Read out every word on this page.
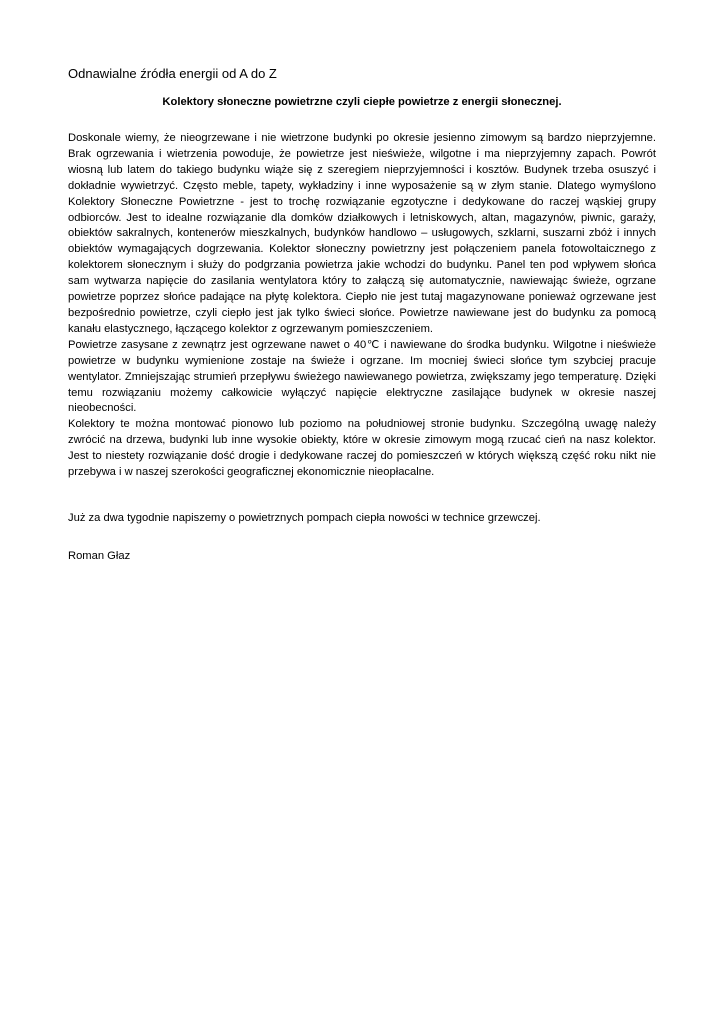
Odnawialne źródła energii od A do Z
Kolektory słoneczne powietrzne czyli ciepłe powietrze z energii słonecznej.

Doskonale wiemy, że nieogrzewane i nie wietrzone budynki po okresie jesienno zimowym są bardzo nieprzyjemne. Brak ogrzewania i wietrzenia powoduje, że powietrze jest nieświeże, wilgotne i ma nieprzyjemny zapach. Powrót wiosną lub latem do takiego budynku wiąże się z szeregiem nieprzyjemności i kosztów. Budynek trzeba osuszyć i dokładnie wywietrzyć. Często meble, tapety, wykładziny i inne wyposażenie są w złym stanie. Dlatego wymyślono Kolektory Słoneczne Powietrzne - jest to trochę rozwiązanie egzotyczne i dedykowane do raczej wąskiej grupy odbiorców. Jest to idealne rozwiązanie dla domków działkowych i letniskowych, altan, magazynów, piwnic, garaży, obiektów sakralnych, kontenerów mieszkalnych, budynków handlowo – usługowych, szklarni, suszarni zbóż i innych obiektów wymagających dogrzewania. Kolektor słoneczny powietrzny jest połączeniem panela fotowoltaicznego z kolektorem słonecznym i służy do podgrzania powietrza jakie wchodzi do budynku. Panel ten pod wpływem słońca sam wytwarza napięcie do zasilania wentylatora który to załączą się automatycznie, nawiewając świeże, ogrzane powietrze poprzez słońce padające na płytę kolektora. Ciepło nie jest tutaj magazynowane ponieważ ogrzewane jest bezpośrednio powietrze, czyli ciepło jest jak tylko świeci słońce. Powietrze nawiewane jest do budynku za pomocą kanału elastycznego, łączącego kolektor z ogrzewanym pomieszczeniem.

Powietrze zasysane z zewnątrz jest ogrzewane nawet o 40℃ i nawiewane do środka budynku. Wilgotne i nieświeże powietrze w budynku wymienione zostaje na świeże i ogrzane. Im mocniej świeci słońce tym szybciej pracuje wentylator. Zmniejszając strumień przepływu świeżego nawiewanego powietrza, zwiększamy jego temperaturę. Dzięki temu rozwiązaniu możemy całkowicie wyłączyć napięcie elektryczne zasilające budynek w okresie naszej nieobecności.

Kolektory te można montować pionowo lub poziomo na południowej stronie budynku. Szczególną uwagę należy zwrócić na drzewa, budynki lub inne wysokie obiekty, które w okresie zimowym mogą rzucać cień na nasz kolektor. Jest to niestety rozwiązanie dość drogie i dedykowane raczej do pomieszczeń w których większą część roku nikt nie przebywa i w naszej szerokości geograficznej ekonomicznie nieopłacalne.

Już za dwa tygodnie napiszemy o powietrznych pompach ciepła nowości w technice grzewczej.
Roman Głaz
